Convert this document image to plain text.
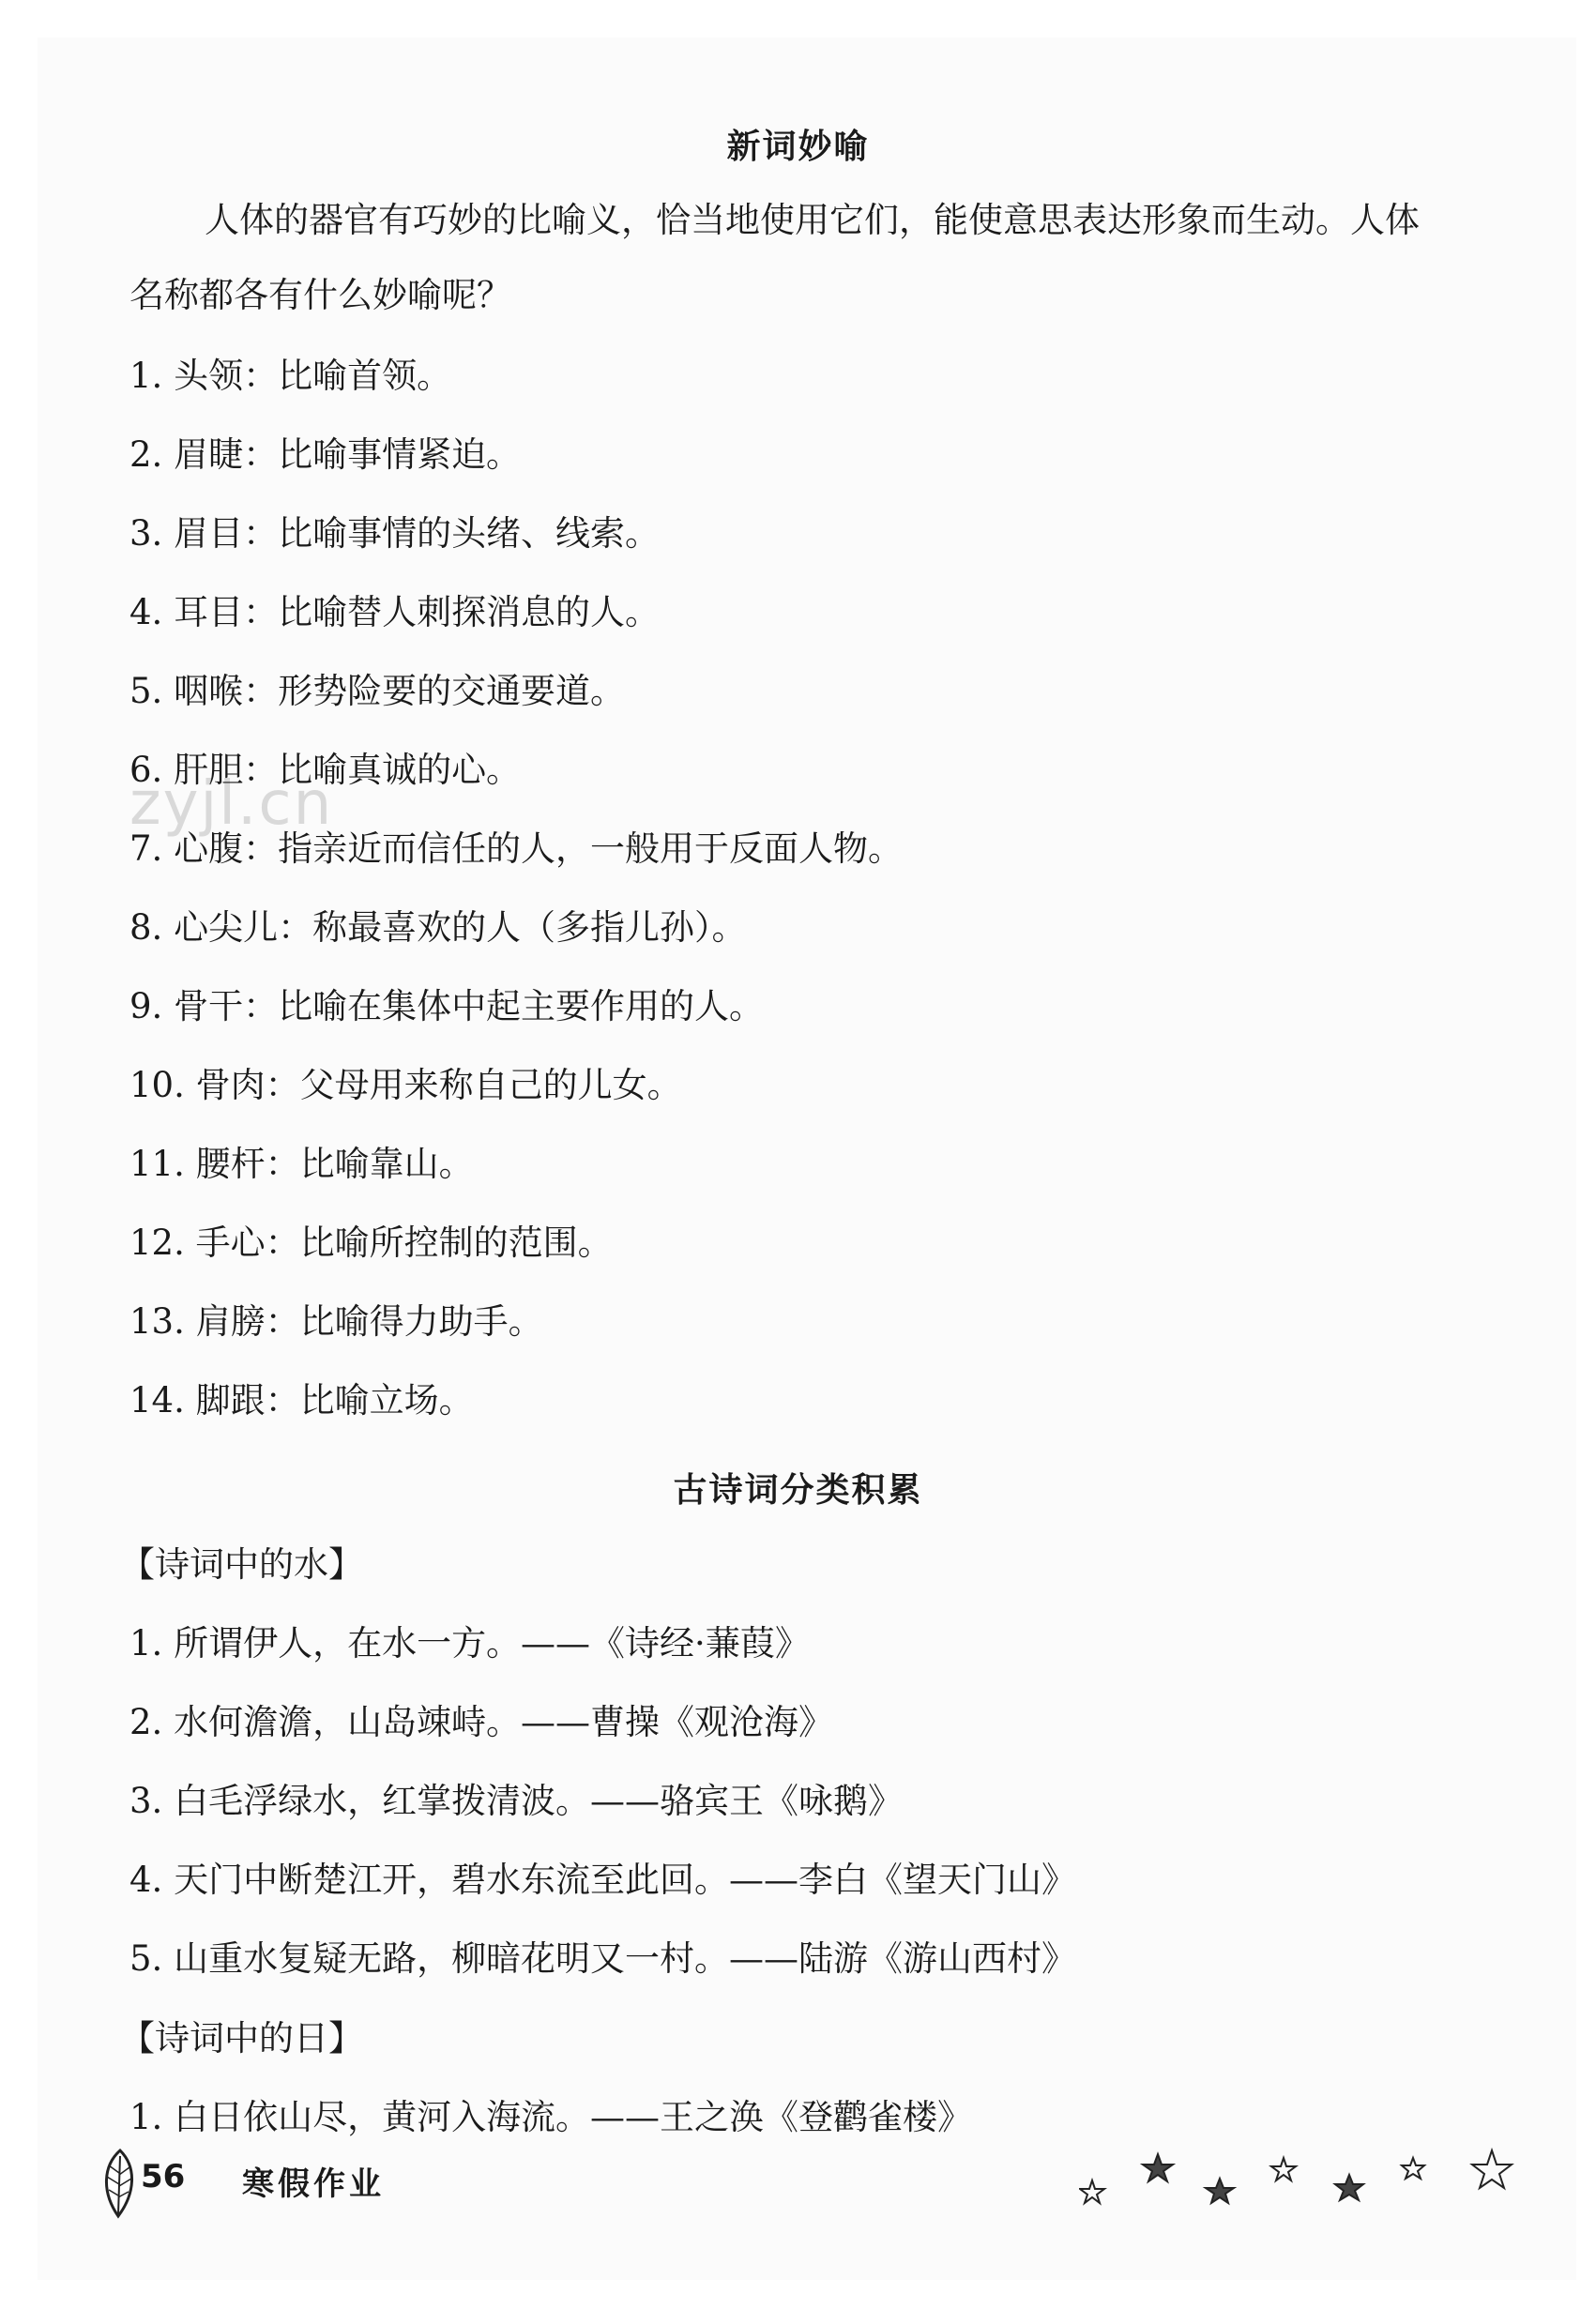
zyjl.cn
新词妙喻
人体的器官有巧妙的比喻义，恰当地使用它们，能使意思表达形象而生动。人体
名称都各有什么妙喻呢？
1. 头领：比喻首领。
2. 眉睫：比喻事情紧迫。
3. 眉目：比喻事情的头绪、线索。
4. 耳目：比喻替人刺探消息的人。
5. 咽喉：形势险要的交通要道。
6. 肝胆：比喻真诚的心。
7. 心腹：指亲近而信任的人，一般用于反面人物。
8. 心尖儿：称最喜欢的人（多指儿孙）。
9. 骨干：比喻在集体中起主要作用的人。
10. 骨肉：父母用来称自己的儿女。
11. 腰杆：比喻靠山。
12. 手心：比喻所控制的范围。
13. 肩膀：比喻得力助手。
14. 脚跟：比喻立场。
古诗词分类积累
【诗词中的水】
1. 所谓伊人，在水一方。——《诗经·蒹葭》
2. 水何澹澹，山岛竦峙。——曹操《观沧海》
3. 白毛浮绿水，红掌拨清波。——骆宾王《咏鹅》
4. 天门中断楚江开，碧水东流至此回。——李白《望天门山》
5. 山重水复疑无路，柳暗花明又一村。——陆游《游山西村》
【诗词中的日】
1. 白日依山尽，黄河入海流。——王之涣《登鹳雀楼》
56 寒假作业
